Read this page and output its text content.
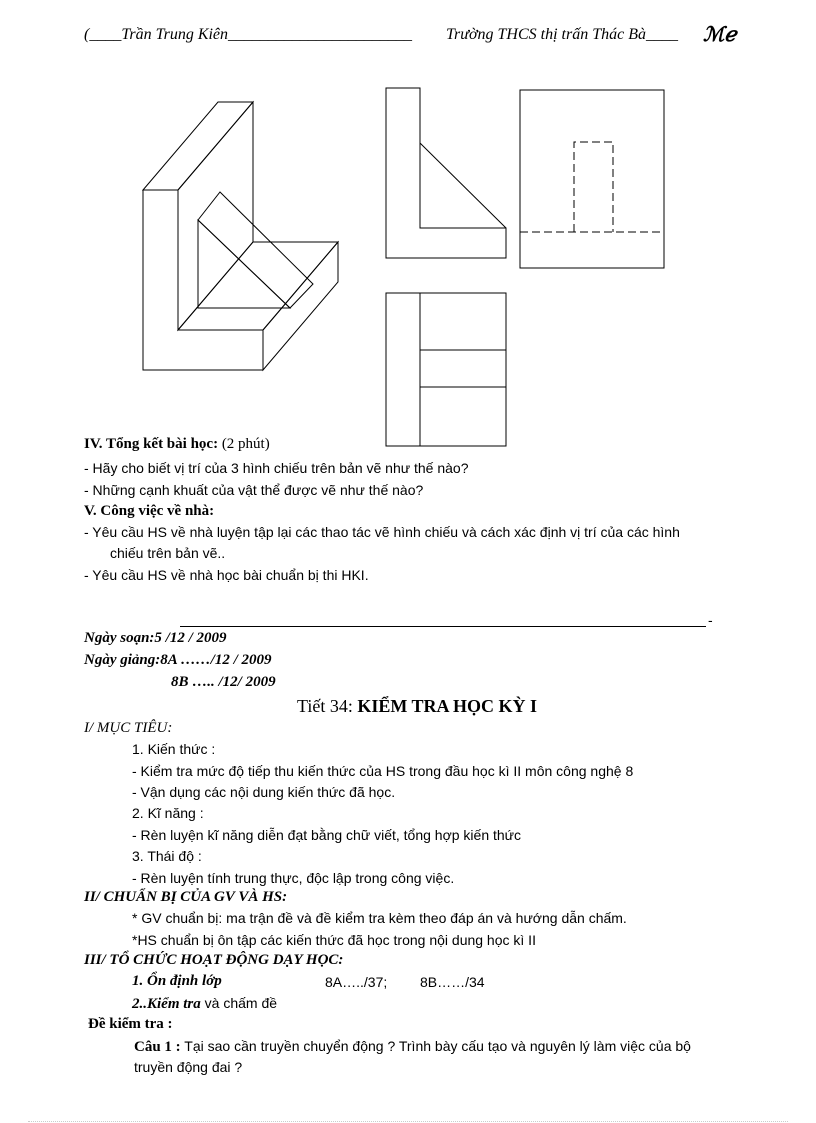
(____Trần Trung Kiên_______________________ Trường THCS thị trấn Thác Bà____ ℳℯ
IV. Tổng kết bài học: (2 phút)
- Hãy cho biết vị trí của 3 hình chiếu trên bản vẽ như thế nào?
- Những cạnh khuất của vật thể được vẽ như thế nào?
V. Công việc về nhà:
- Yêu cầu HS về nhà luyện tập lại các thao tác vẽ hình chiếu và cách xác định vị trí của các hình
chiếu trên bản vẽ..
- Yêu cầu HS về nhà học bài chuẩn bị thi HKI.
-
Ngày soạn:5 /12 / 2009
Ngày giảng:8A ……/12 / 2009
8B ….. /12/ 2009
Tiết 34: KIỂM TRA HỌC KỲ I
I/ MỤC TIÊU:
1. Kiến thức :
- Kiểm tra mức độ tiếp thu kiến thức của HS trong đầu học kì II môn công nghệ 8
- Vận dụng các nội dung kiến thức đã học.
2. Kĩ năng :
- Rèn luyện kĩ năng diễn đạt bằng chữ viết, tổng hợp kiến thức
3. Thái độ :
- Rèn luyện tính trung thực, độc lập trong công việc.
II/ CHUẨN BỊ CỦA GV VÀ HS:
* GV chuẩn bị: ma trận đề và đề kiểm tra kèm theo đáp án và hướng dẫn chấm.
*HS chuẩn bị ôn tập các kiến thức đã học trong nội dung học kì II
III/ TỔ CHỨC HOẠT ĐỘNG DẠY HỌC:
1. Ổn định lớp	8A…../37; 8B……/34
2..Kiểm tra và chấm đề
Đề kiểm tra :
Câu 1 : Tại sao cần truyền chuyển động ? Trình bày cấu tạo và nguyên lý làm việc của bộ
truyền động đai ?
